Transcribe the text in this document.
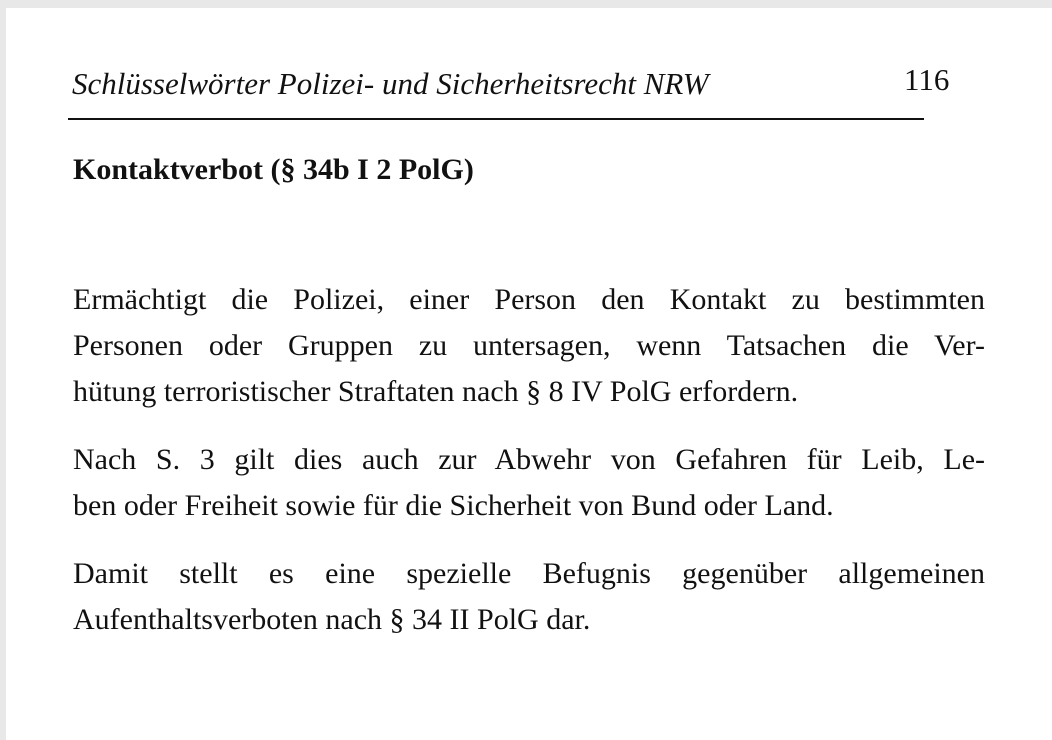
Schlüsselwörter Polizei- und Sicherheitsrecht NRW	116
Kontaktverbot (§ 34b I 2 PolG)

Ermächtigt die Polizei, einer Person den Kontakt zu bestimmten
Personen oder Gruppen zu untersagen, wenn Tatsachen die Ver-
hütung terroristischer Straftaten nach § 8 IV PolG erfordern.

Nach S. 3 gilt dies auch zur Abwehr von Gefahren für Leib, Le-
ben oder Freiheit sowie für die Sicherheit von Bund oder Land.

Damit stellt es eine spezielle Befugnis gegenüber allgemeinen
Aufenthaltsverboten nach § 34 II PolG dar.
